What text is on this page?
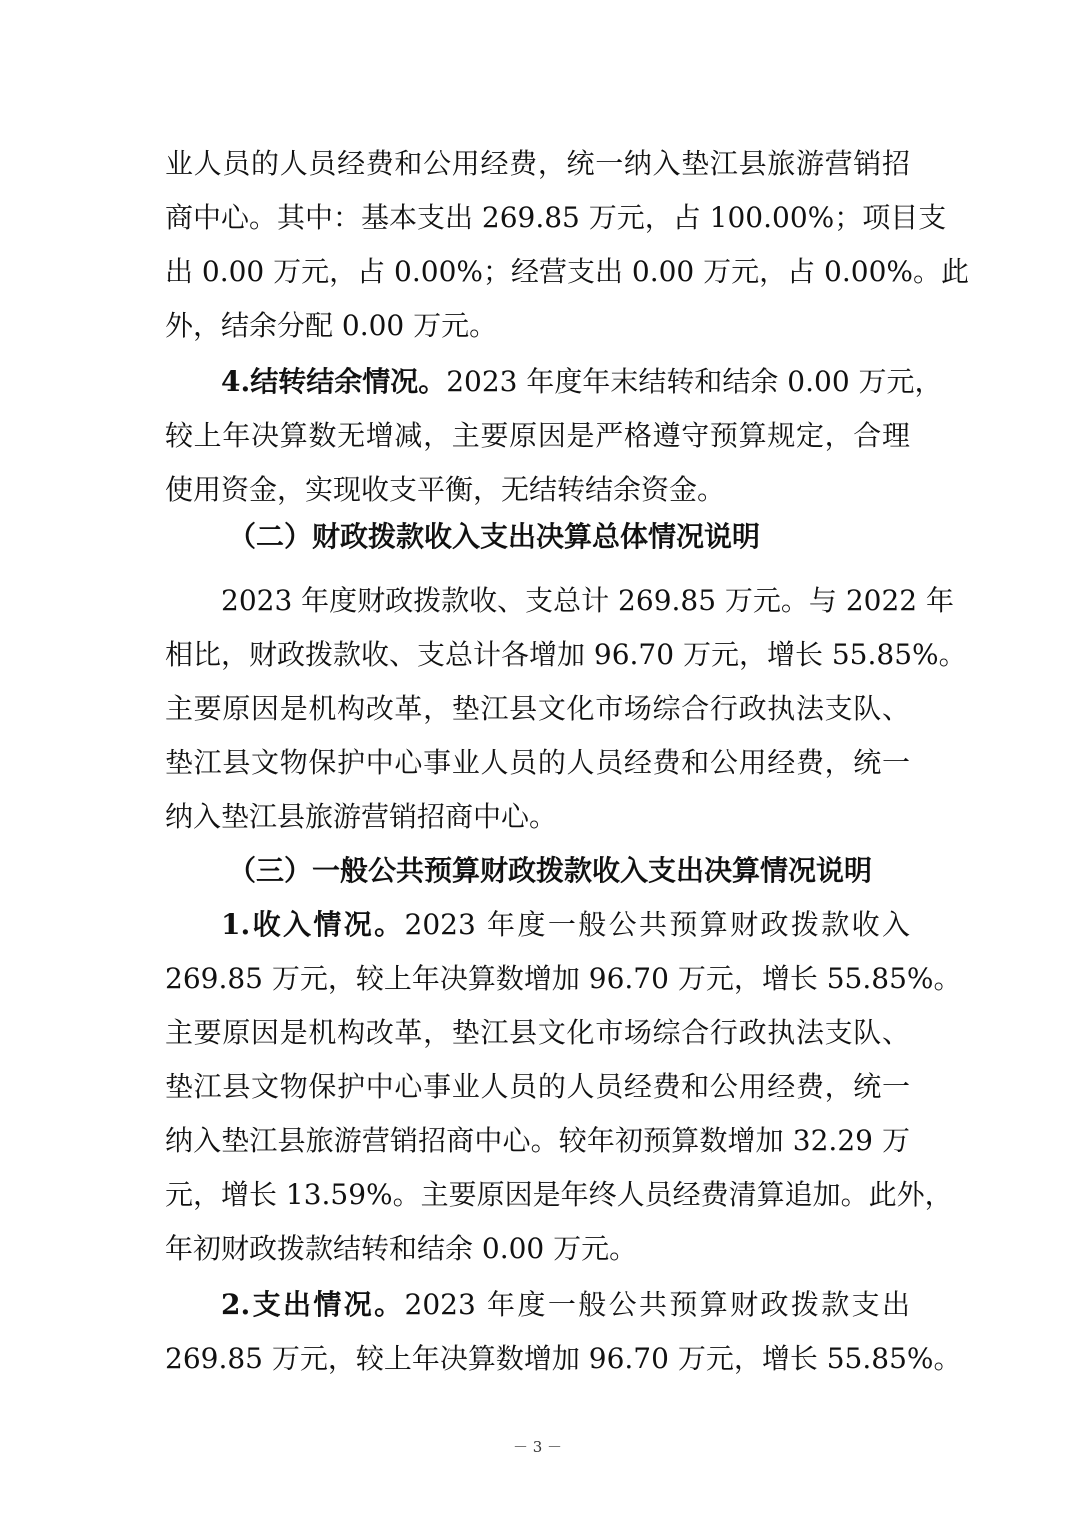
业人员的人员经费和公用经费，统一纳入垫江县旅游营销招
商中心。其中：基本支出 269.85 万元，占 100.00%；项目支
出 0.00 万元，占 0.00%；经营支出 0.00 万元，占 0.00%。此
外，结余分配 0.00 万元。
4.结转结余情况。2023 年度年末结转和结余 0.00 万元，
较上年决算数无增减，主要原因是严格遵守预算规定，合理
使用资金，实现收支平衡，无结转结余资金。
（二）财政拨款收入支出决算总体情况说明
2023 年度财政拨款收、支总计 269.85 万元。与 2022 年
相比，财政拨款收、支总计各增加 96.70 万元，增长 55.85%。
主要原因是机构改革，垫江县文化市场综合行政执法支队、
垫江县文物保护中心事业人员的人员经费和公用经费，统一
纳入垫江县旅游营销招商中心。
（三）一般公共预算财政拨款收入支出决算情况说明
1.收入情况。2023 年度一般公共预算财政拨款收入
269.85 万元，较上年决算数增加 96.70 万元，增长 55.85%。
主要原因是机构改革，垫江县文化市场综合行政执法支队、
垫江县文物保护中心事业人员的人员经费和公用经费，统一
纳入垫江县旅游营销招商中心。较年初预算数增加 32.29 万
元，增长 13.59%。主要原因是年终人员经费清算追加。此外，
年初财政拨款结转和结余 0.00 万元。
2.支出情况。2023 年度一般公共预算财政拨款支出
269.85 万元，较上年决算数增加 96.70 万元，增长 55.85%。
－ 3 －
